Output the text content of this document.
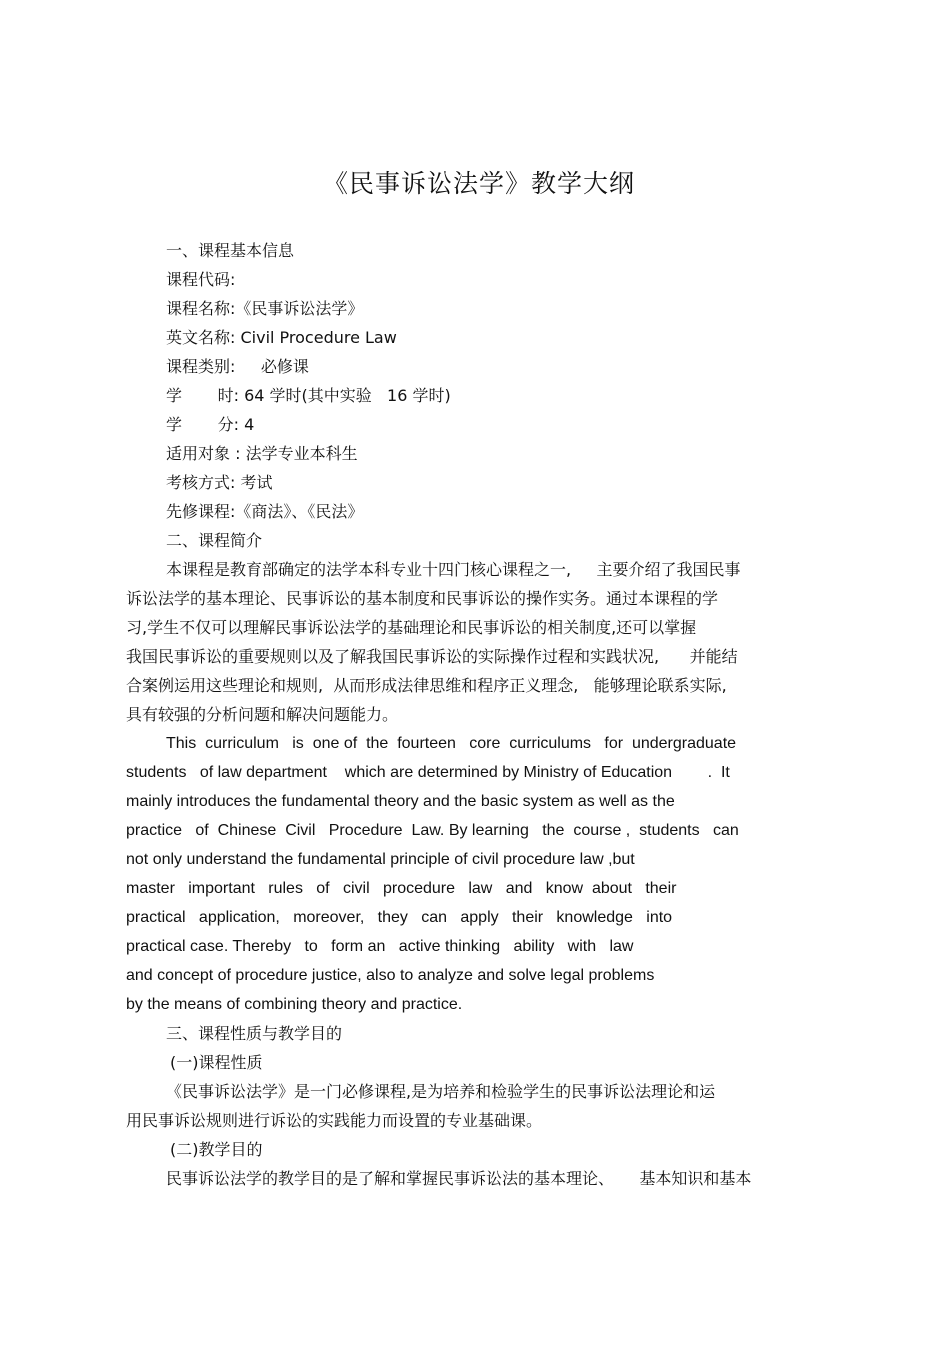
《民事诉讼法学》教学大纲
一、课程基本信息
课程代码:
课程名称:《民事诉讼法学》
英文名称: Civil Procedure Law
课程类别:     必修课
学       时: 64 学时(其中实验   16 学时)
学       分: 4
适用对象 : 法学专业本科生
考核方式: 考试
先修课程:《商法》、《民法》
二、课程简介
本课程是教育部确定的法学本科专业十四门核心课程之一,     主要介绍了我国民事
诉讼法学的基本理论、民事诉讼的基本制度和民事诉讼的操作实务。通过本课程的学
习,学生不仅可以理解民事诉讼法学的基础理论和民事诉讼的相关制度,还可以掌握
我国民事诉讼的重要规则以及了解我国民事诉讼的实际操作过程和实践状况,      并能结
合案例运用这些理论和规则,  从而形成法律思维和程序正义理念,   能够理论联系实际,
具有较强的分析问题和解决问题能力。
This  curriculum   is  one of  the  fourteen   core  curriculums   for  undergraduate
students   of law department    which are determined by Ministry of Education        .  It
mainly introduces the fundamental theory and the basic system as well as the
practice   of  Chinese  Civil   Procedure  Law. By learning   the  course ,  students   can
not only understand the fundamental principle of civil procedure law ,but
master   important   rules   of   civil   procedure   law   and   know  about   their
practical   application,   moreover,   they   can   apply   their   knowledge   into
practical case. Thereby   to   form an   active thinking   ability   with   law
and concept of procedure justice, also to analyze and solve legal problems
by the means of combining theory and practice.
三、课程性质与教学目的
(一)课程性质
《民事诉讼法学》是一门必修课程,是为培养和检验学生的民事诉讼法理论和运
用民事诉讼规则进行诉讼的实践能力而设置的专业基础课。
(二)教学目的
民事诉讼法学的教学目的是了解和掌握民事诉讼法的基本理论、     基本知识和基本
